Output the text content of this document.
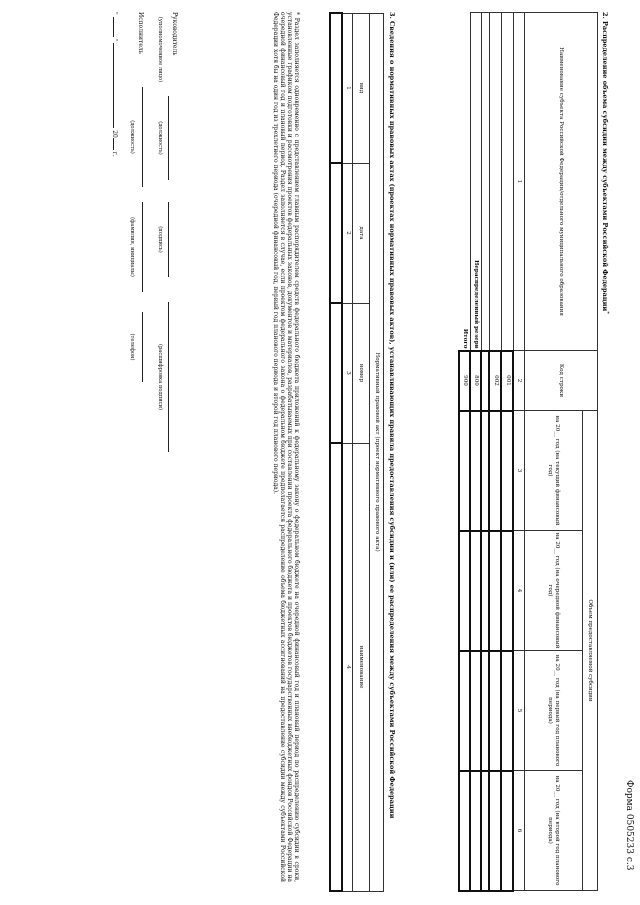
Форма 0505233 с.3
2. Распределение объема субсидии между субъектами Российской Федерации*
Наименование субъекта Российской Федерации/отдельного муниципального образования	Код строки	Объем предоставляемой субсидии			
		на 20__ год (на текущий финансовый год)	на 20__ год (на очередной финансовый год)	на 20__ год (на первый год планового периода)	на 20__ год (на второй год планового периода)
1	2	3	4	5	6
	001				
	002				

Нераспределенный резерв	800				
Итого	900				
3. Сведения о нормативных правовых актах (проектах нормативных правовых актов), устанавливающих правила предоставления субсидии и (или) ее распределения между субъектами Российской Федерации
Нормативный правовой акт (проект нормативного правового акта)			
вид	дата	номер	наименование
1	2	3	4

* Раздел заполняется одновременно с представлением главным распорядителем средств федерального бюджета приложений к федеральному закону о федеральном бюджете на очередной финансовый год и плановый период по распределению субсидии в сроки, установленные графиком подготовки и рассмотрения проектов федеральных законов, документов и материалов, разрабатываемых при составлении проекта федерального бюджета и проектов бюджетов государственных внебюджетных фондов Российской Федерации на очередной финансовый год и плановый период. Раздел заполняется в случае, если проектом федерального закона о федеральном бюджете предполагается распределение объема бюджетных ассигнований на предоставление субсидии между субъектами Российской Федерации хотя бы на один год из трехлетнего периода (очередной финансовый год, первый год планового периода и второй год планового периода).
Руководитель
(уполномоченное лицо)
(должность)
(подпись)
(расшифровка подписи)
Исполнитель
(должность)
(фамилия, инициалы)
(телефон)
"  "  20 г.
